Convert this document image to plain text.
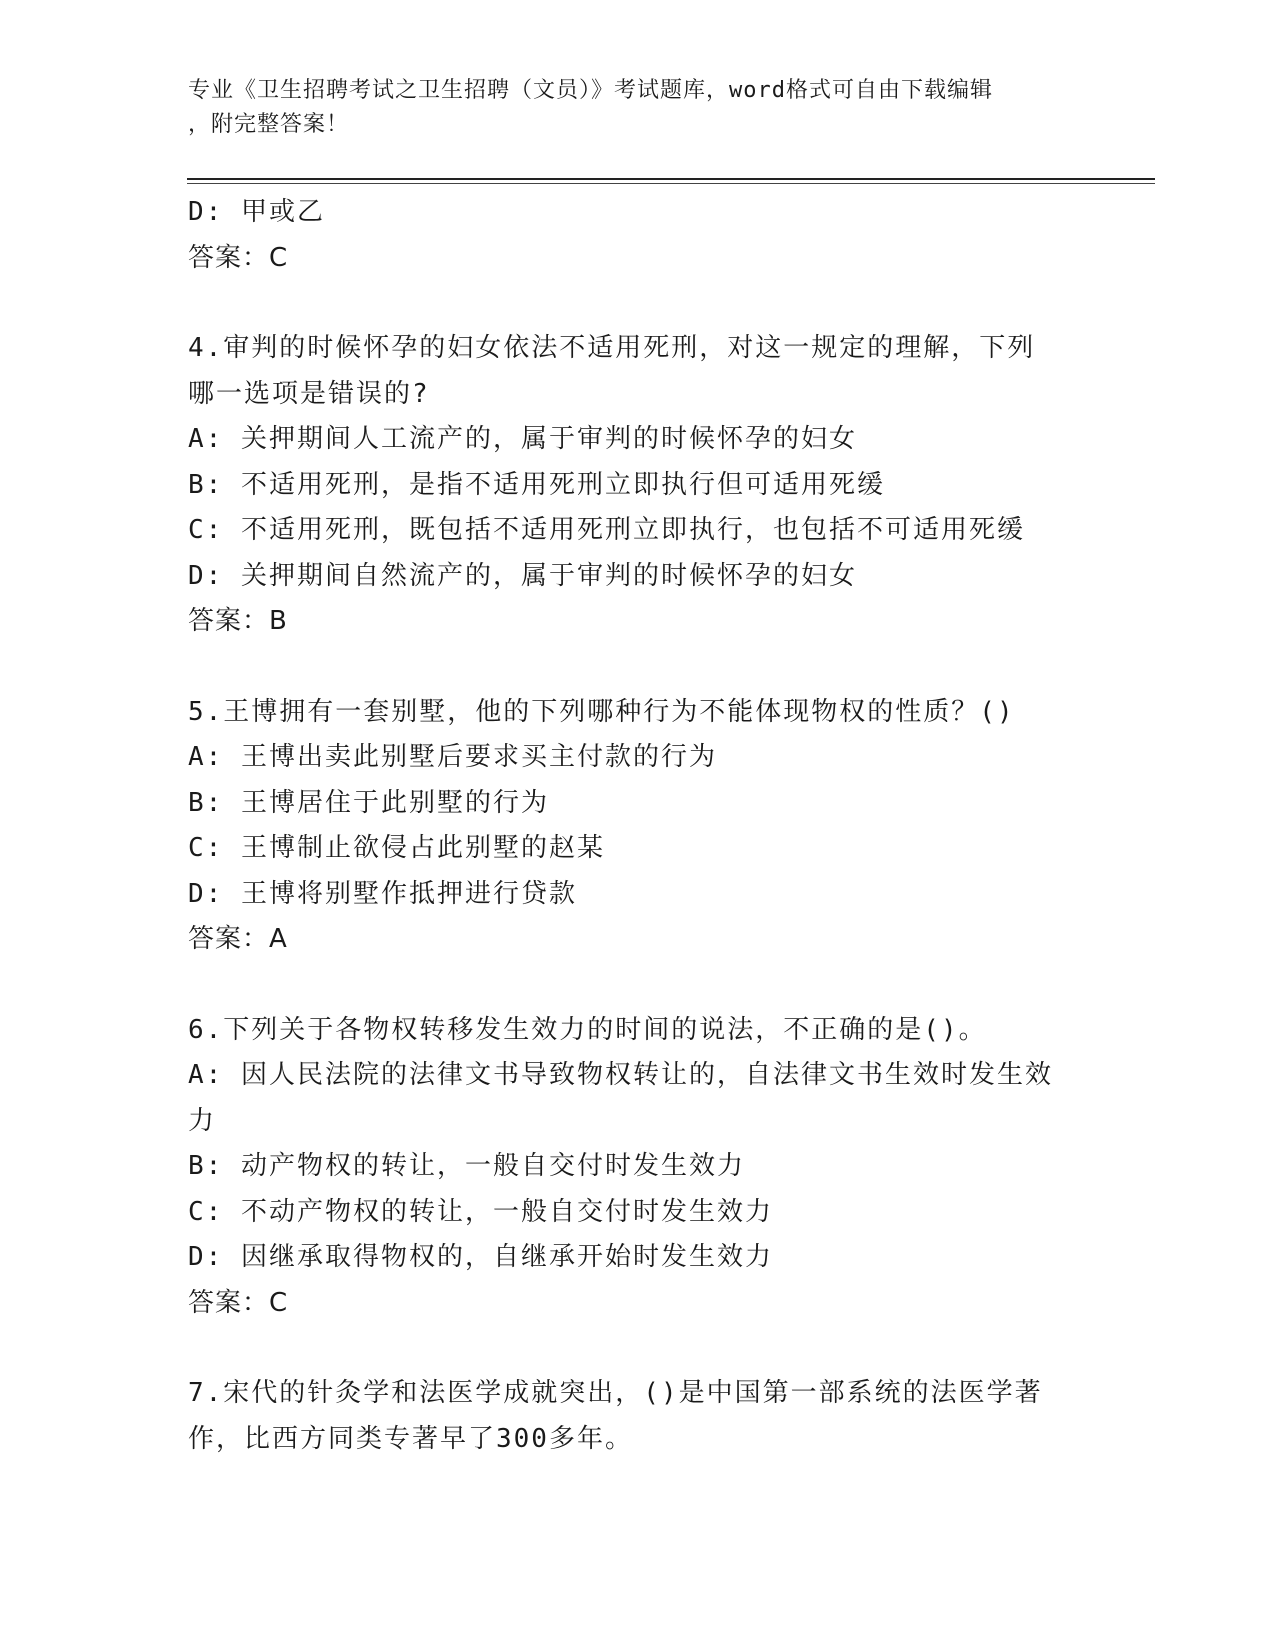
专业《卫生招聘考试之卫生招聘（文员）》考试题库，word格式可自由下载编辑
，附完整答案！
D: 甲或乙
答案：C
4.审判的时候怀孕的妇女依法不适用死刑，对这一规定的理解，下列
哪一选项是错误的?
A: 关押期间人工流产的，属于审判的时候怀孕的妇女
B: 不适用死刑，是指不适用死刑立即执行但可适用死缓
C: 不适用死刑，既包括不适用死刑立即执行，也包括不可适用死缓
D: 关押期间自然流产的，属于审判的时候怀孕的妇女
答案：B
5.王博拥有一套别墅，他的下列哪种行为不能体现物权的性质？()
A: 王博出卖此别墅后要求买主付款的行为
B: 王博居住于此别墅的行为
C: 王博制止欲侵占此别墅的赵某
D: 王博将别墅作抵押进行贷款
答案：A
6.下列关于各物权转移发生效力的时间的说法，不正确的是()。
A: 因人民法院的法律文书导致物权转让的，自法律文书生效时发生效
力
B: 动产物权的转让，一般自交付时发生效力
C: 不动产物权的转让，一般自交付时发生效力
D: 因继承取得物权的，自继承开始时发生效力
答案：C
7.宋代的针灸学和法医学成就突出，()是中国第一部系统的法医学著
作，比西方同类专著早了300多年。
